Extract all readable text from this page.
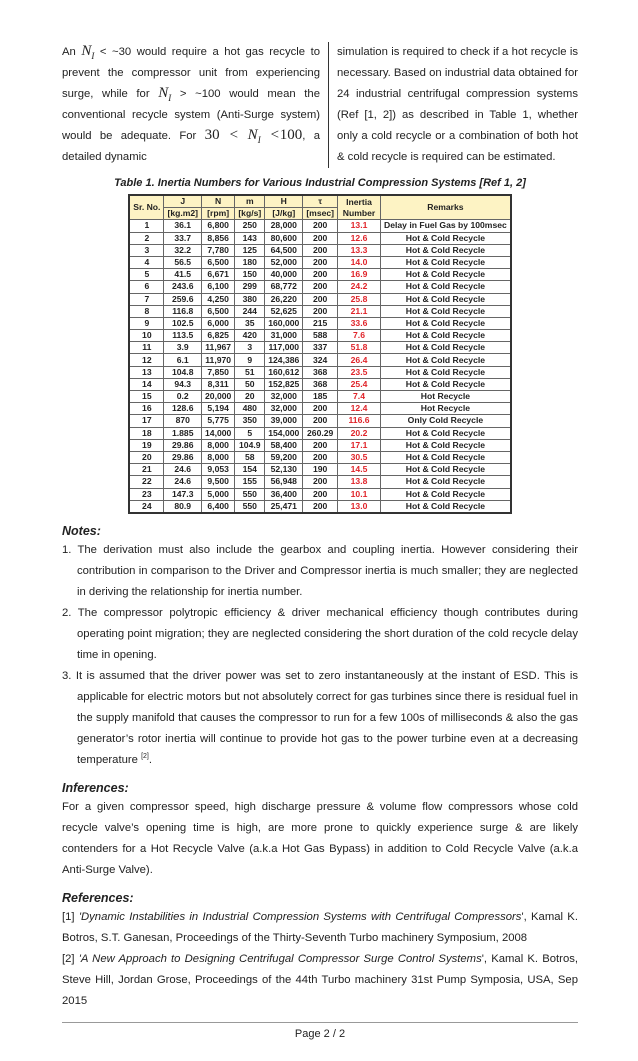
An $N_I$ < ~30 would require a hot gas recycle to prevent the compressor unit from experiencing surge, while for $N_I$ > ~100 would mean the conventional recycle system (Anti-Surge system) would be adequate. For $30 < N_I <100$, a detailed dynamic
simulation is required to check if a hot recycle is necessary. Based on industrial data obtained for 24 industrial centrifugal compression systems (Ref [1, 2]) as described in Table 1, whether only a cold recycle or a combination of both hot & cold recycle is required can be estimated.
Table 1. Inertia Numbers for Various Industrial Compression Systems [Ref 1, 2]
Sr. No.	J	N	m	H	τ	Inertia Number	Remarks
	[kg.m2]	[rpm]	[kg/s]	[J/kg]	[msec]		
1	36.1	6,800	250	28,000	200	13.1	Delay in Fuel Gas by 100msec
2	33.7	8,856	143	80,600	200	12.6	Hot & Cold Recycle
3	32.2	7,780	125	64,500	200	13.3	Hot & Cold Recycle
4	56.5	6,500	180	52,000	200	14.0	Hot & Cold Recycle
5	41.5	6,671	150	40,000	200	16.9	Hot & Cold Recycle
6	243.6	6,100	299	68,772	200	24.2	Hot & Cold Recycle
7	259.6	4,250	380	26,220	200	25.8	Hot & Cold Recycle
8	116.8	6,500	244	52,625	200	21.1	Hot & Cold Recycle
9	102.5	6,000	35	160,000	215	33.6	Hot & Cold Recycle
10	113.5	6,825	420	31,000	588	7.6	Hot & Cold Recycle
11	3.9	11,967	3	117,000	337	51.8	Hot & Cold Recycle
12	6.1	11,970	9	124,386	324	26.4	Hot & Cold Recycle
13	104.8	7,850	51	160,612	368	23.5	Hot & Cold Recycle
14	94.3	8,311	50	152,825	368	25.4	Hot & Cold Recycle
15	0.2	20,000	20	32,000	185	7.4	Hot Recycle
16	128.6	5,194	480	32,000	200	12.4	Hot Recycle
17	870	5,775	350	39,000	200	116.6	Only Cold Recycle
18	1.885	14,000	5	154,000	260.29	20.2	Hot & Cold Recycle
19	29.86	8,000	104.9	58,400	200	17.1	Hot & Cold Recycle
20	29.86	8,000	58	59,200	200	30.5	Hot & Cold Recycle
21	24.6	9,053	154	52,130	190	14.5	Hot & Cold Recycle
22	24.6	9,500	155	56,948	200	13.8	Hot & Cold Recycle
23	147.3	5,000	550	36,400	200	10.1	Hot & Cold Recycle
24	80.9	6,400	550	25,471	200	13.0	Hot & Cold Recycle
Notes:
1. The derivation must also include the gearbox and coupling inertia. However considering their contribution in comparison to the Driver and Compressor inertia is much smaller; they are neglected in deriving the relationship for inertia number.
2. The compressor polytropic efficiency & driver mechanical efficiency though contributes during operating point migration; they are neglected considering the short duration of the cold recycle delay time in opening.
3. It is assumed that the driver power was set to zero instantaneously at the instant of ESD. This is applicable for electric motors but not absolutely correct for gas turbines since there is residual fuel in the supply manifold that causes the compressor to run for a few 100s of milliseconds & also the gas generator’s rotor inertia will continue to provide hot gas to the power turbine even at a decreasing temperature [2].
Inferences:
For a given compressor speed, high discharge pressure & volume flow compressors whose cold recycle valve’s opening time is high, are more prone to quickly experience surge & are likely contenders for a Hot Recycle Valve (a.k.a Hot Gas Bypass) in addition to Cold Recycle Valve (a.k.a Anti-Surge Valve).
References:
[1] 'Dynamic Instabilities in Industrial Compression Systems with Centrifugal Compressors', Kamal K. Botros, S.T. Ganesan, Proceedings of the Thirty-Seventh Turbo machinery Symposium, 2008
[2] 'A New Approach to Designing Centrifugal Compressor Surge Control Systems', Kamal K. Botros, Steve Hill, Jordan Grose, Proceedings of the 44th Turbo machinery 31st Pump Symposia, USA, Sep 2015
Page 2 / 2
